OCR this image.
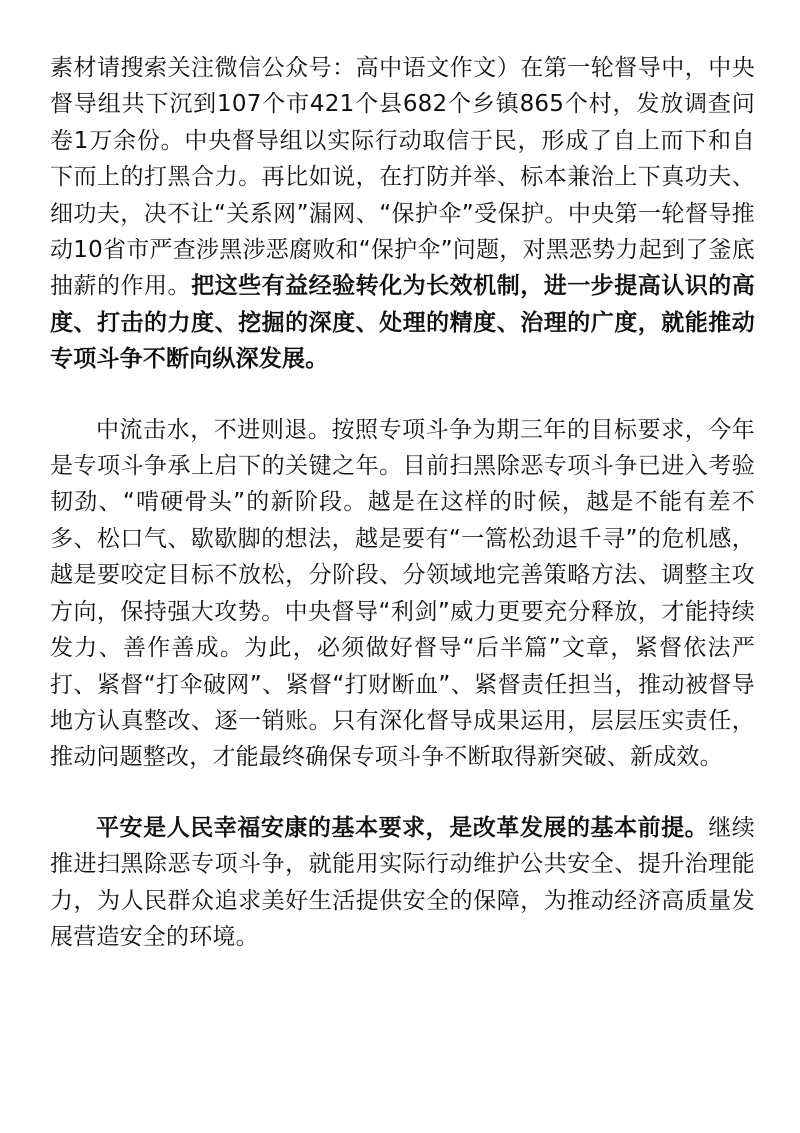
素材请搜索关注微信公众号：高中语文作文）在第一轮督导中，中央督导组共下沉到107个市421个县682个乡镇865个村，发放调查问卷1万余份。中央督导组以实际行动取信于民，形成了自上而下和自下而上的打黑合力。再比如说，在打防并举、标本兼治上下真功夫、细功夫，决不让“关系网”漏网、“保护伞”受保护。中央第一轮督导推动10省市严查涉黑涉恶腐败和“保护伞”问题，对黑恶势力起到了釜底抽薪的作用。把这些有益经验转化为长效机制，进一步提高认识的高度、打击的力度、挖掘的深度、处理的精度、治理的广度，就能推动专项斗争不断向纵深发展。

中流击水，不进则退。按照专项斗争为期三年的目标要求，今年是专项斗争承上启下的关键之年。目前扫黑除恶专项斗争已进入考验韧劲、“啃硬骨头”的新阶段。越是在这样的时候，越是不能有差不多、松口气、歇歇脚的想法，越是要有“一篙松劲退千寻”的危机感，越是要咬定目标不放松，分阶段、分领域地完善策略方法、调整主攻方向，保持强大攻势。中央督导“利剑”威力更要充分释放，才能持续发力、善作善成。为此，必须做好督导“后半篇”文章，紧督依法严打、紧督“打伞破网”、紧督“打财断血”、紧督责任担当，推动被督导地方认真整改、逐一销账。只有深化督导成果运用，层层压实责任，推动问题整改，才能最终确保专项斗争不断取得新突破、新成效。

平安是人民幸福安康的基本要求，是改革发展的基本前提。继续推进扫黑除恶专项斗争，就能用实际行动维护公共安全、提升治理能力，为人民群众追求美好生活提供安全的保障，为推动经济高质量发展营造安全的环境。
